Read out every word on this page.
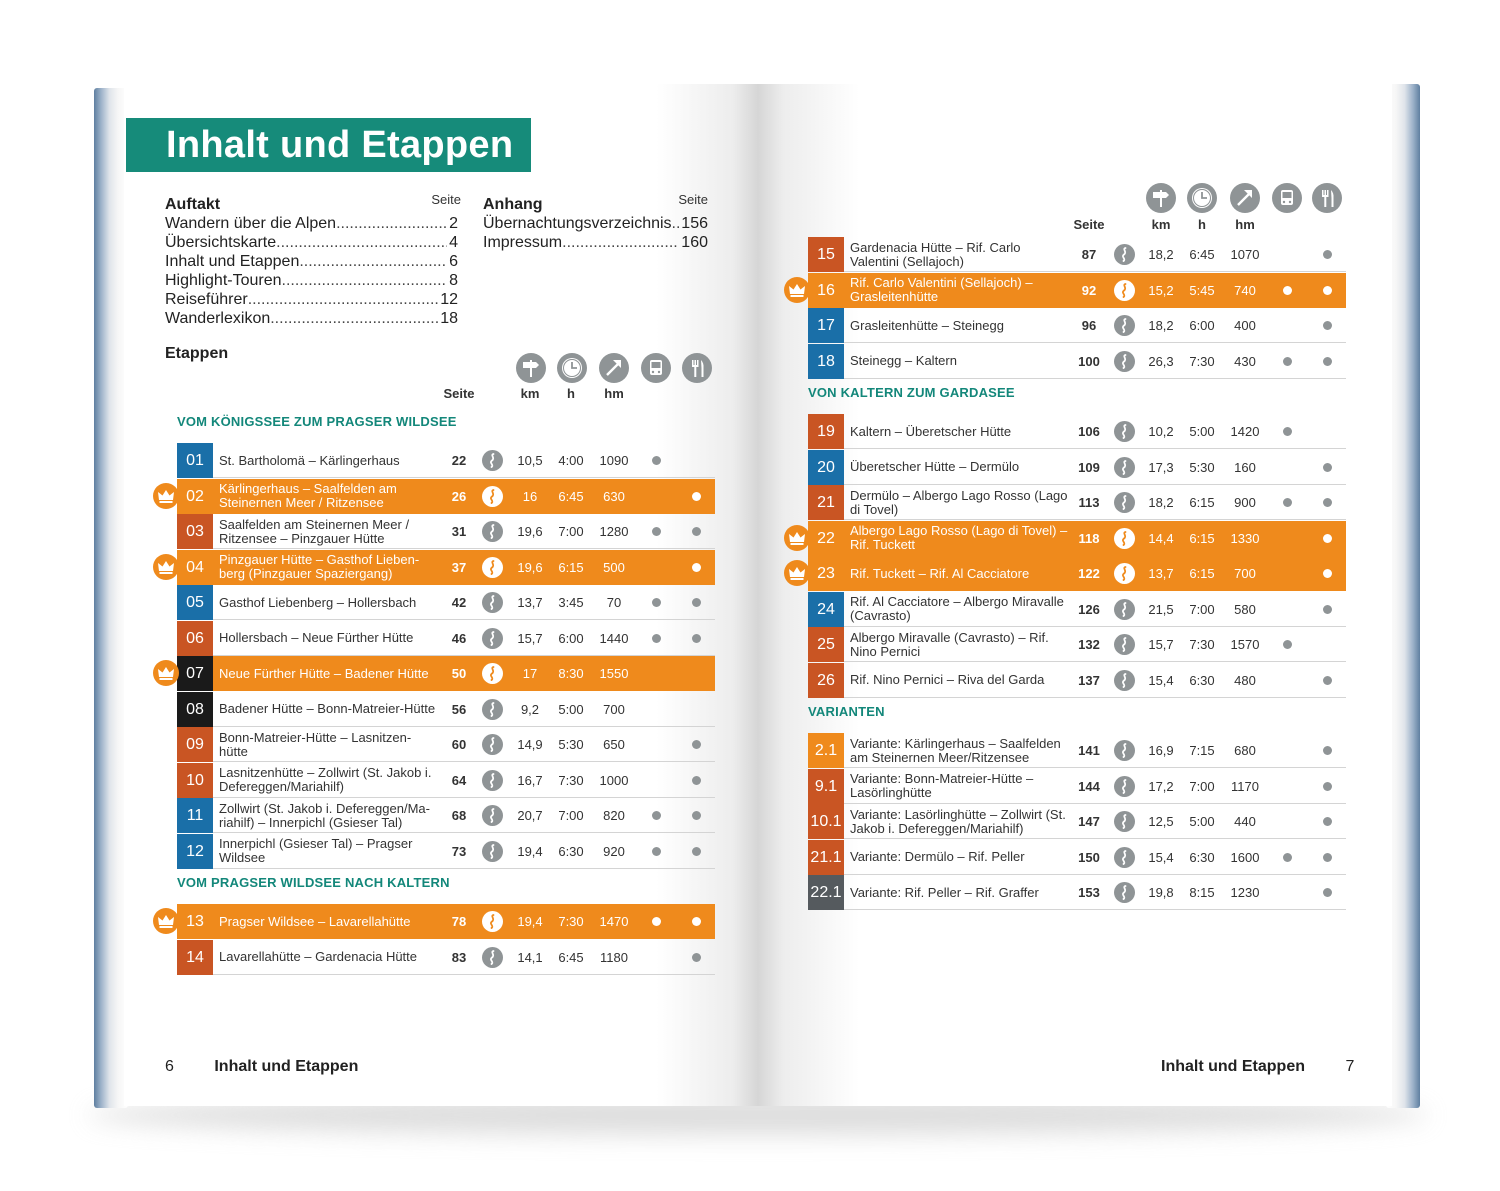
Inhalt und Etappen
Auftakt	Seite
Wandern über die Alpen .....	2
Übersichtskarte .....	4
Inhalt und Etappen .....	6
Highlight-Touren .....	8
Reiseführer .....	12
Wanderlexikon .....	18
Anhang	Seite
Übernachtungsverzeichnis ..... 156
Impressum .....	160
Etappen
Seite	km	h	hm
VOM KÖNIGSSEE ZUM PRAGSER WILDSEE
01	St. Bartholomä – Kärlingerhaus	22	10,5	4:00	1090
02	Kärlingerhaus – Saalfelden am Steinernen Meer / Ritzensee	26	16	6:45	630
03	Saalfelden am Steinernen Meer / Ritzensee – Pinzgauer Hütte	31	19,6	7:00	1280
04	Pinzgauer Hütte – Gasthof Lieben-berg (Pinzgauer Spaziergang)	37	19,6	6:15	500
05	Gasthof Liebenberg – Hollersbach	42	13,7	3:45	70
06	Hollersbach – Neue Fürther Hütte	46	15,7	6:00	1440
07	Neue Fürther Hütte – Badener Hütte	50	17	8:30	1550
08	Badener Hütte – Bonn-Matreier-Hütte	56	9,2	5:00	700
09	Bonn-Matreier-Hütte – Lasnitzen-hütte	60	14,9	5:30	650
10	Lasnitzenhütte – Zollwirt (St. Jakob i. Defereggen/Mariahilf)	64	16,7	7:30	1000
11	Zollwirt (St. Jakob i. Defereggen/Ma-riahilf) – Innerpichl (Gsieser Tal)	68	20,7	7:00	820
12	Innerpichl (Gsieser Tal) – Pragser Wildsee	73	19,4	6:30	920
VOM PRAGSER WILDSEE NACH KALTERN
13	Pragser Wildsee – Lavarellahütte	78	19,4	7:30	1470
14	Lavarellahütte – Gardenacia Hütte	83	14,1	6:45	1180
Seite	km	h	hm
15	Gardenacia Hütte – Rif. Carlo Valentini (Sellajoch)	87	18,2	6:45	1070
16	Rif. Carlo Valentini (Sellajoch) – Grasleitenhütte	92	15,2	5:45	740
17	Grasleitenhütte – Steinegg	96	18,2	6:00	400
18	Steinegg – Kaltern	100	26,3	7:30	430
VON KALTERN ZUM GARDASEE
19	Kaltern – Überetscher Hütte	106	10,2	5:00	1420
20	Überetscher Hütte – Dermülo	109	17,3	5:30	160
21	Dermülo – Albergo Lago Rosso (Lago di Tovel)	113	18,2	6:15	900
22	Albergo Lago Rosso (Lago di Tovel) – Rif. Tuckett	118	14,4	6:15	1330
23	Rif. Tuckett – Rif. Al Cacciatore	122	13,7	6:15	700
24	Rif. Al Cacciatore – Albergo Miravalle (Cavrasto)	126	21,5	7:00	580
25	Albergo Miravalle (Cavrasto) – Rif. Nino Pernici	132	15,7	7:30	1570
26	Rif. Nino Pernici – Riva del Garda	137	15,4	6:30	480
VARIANTEN
2.1 Variante: Kärlingerhaus – Saalfelden am Steinernen Meer/Ritzensee	141	16,9	7:15	680
9.1 Variante: Bonn-Matreier-Hütte – Lasörlinghütte	144	17,2	7:00	1170
10.1 Variante: Lasörlinghütte – Zollwirt (St. Jakob i. Defereggen/Mariahilf)	147	12,5	5:00	440
21.1 Variante: Dermülo – Rif. Peller	150	15,4	6:30	1600
22.1 Variante: Rif. Peller – Rif. Graffer	153	19,8	8:15	1230
6	Inhalt und Etappen	Inhalt und Etappen	7
